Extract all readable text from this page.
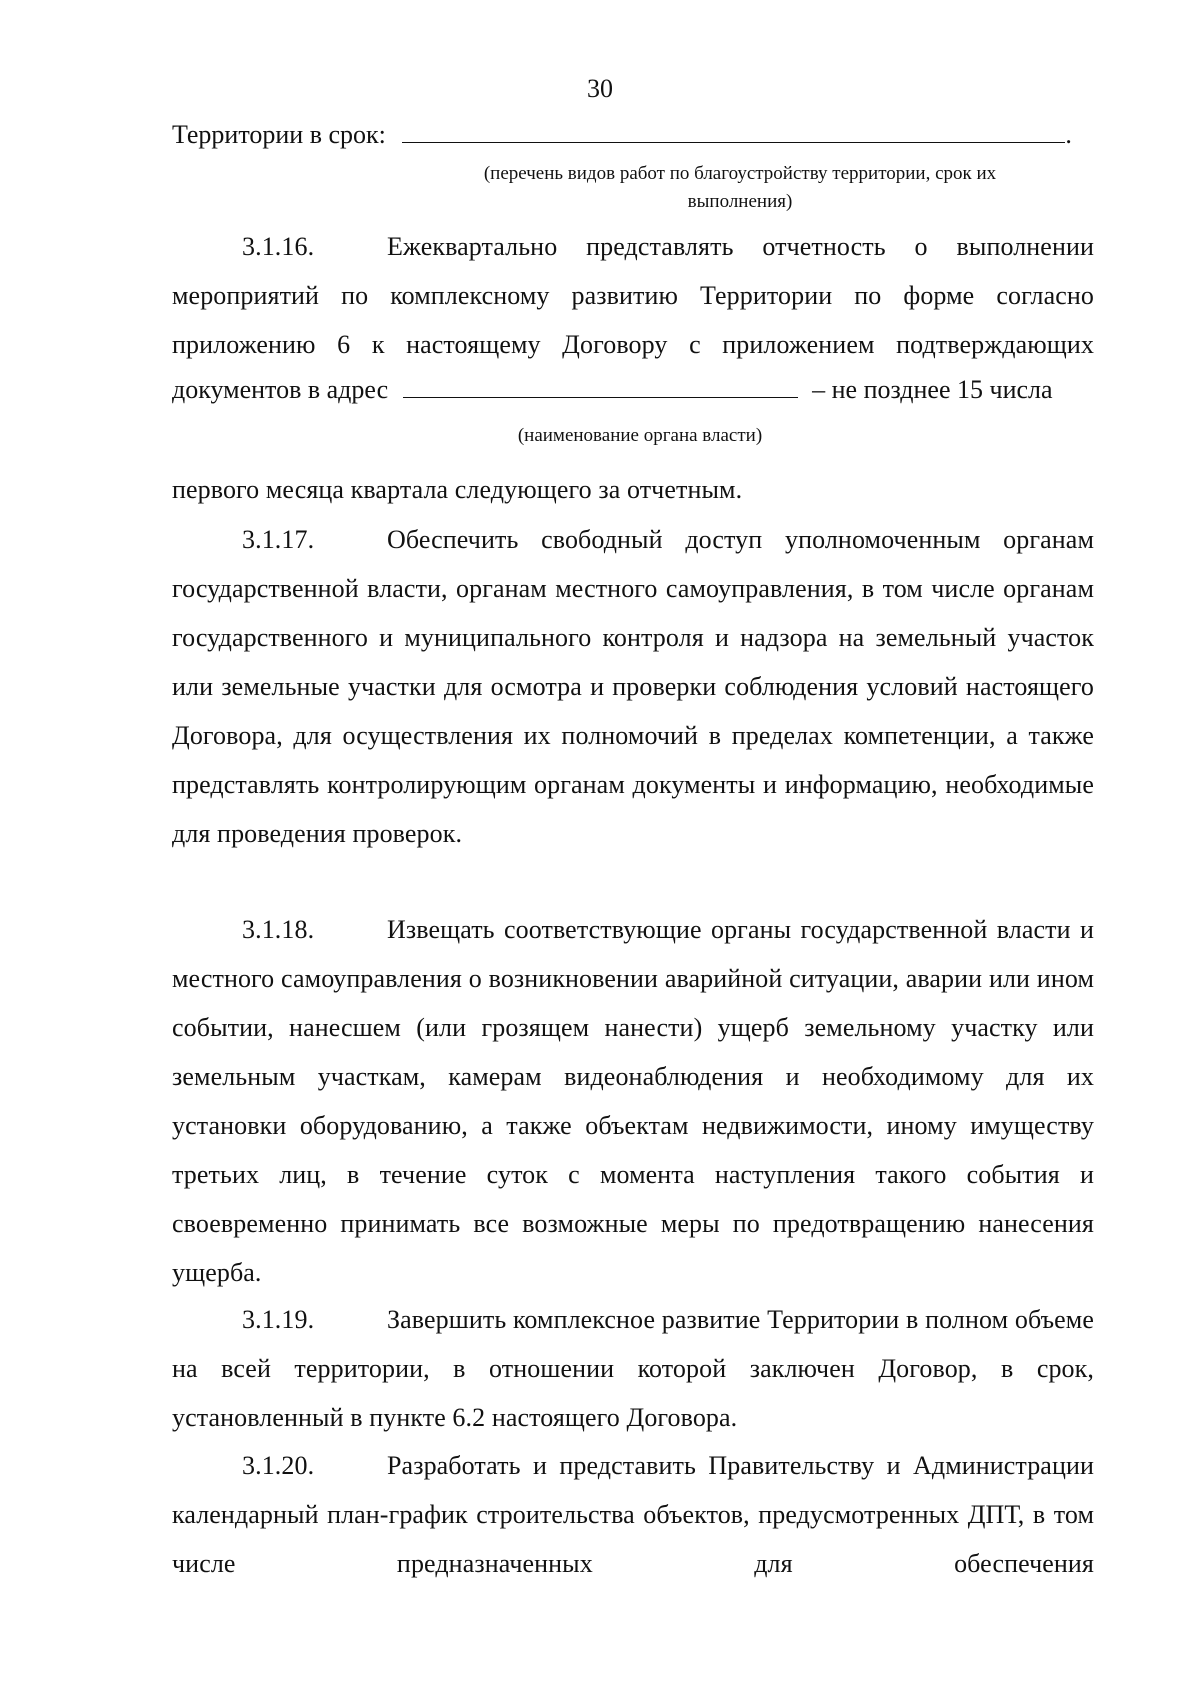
30
Территории в срок:	.
(перечень видов работ по благоустройству территории, срок их
выполнения)

3.1.16.	Ежеквартально представлять отчетность о выполнении мероприятий по комплексному развитию Территории по форме согласно приложению 6 к настоящему Договору с приложением подтверждающих

документов в адрес	– не позднее 15 числа
(наименование органа власти)

первого месяца квартала следующего за отчетным.

3.1.17.	Обеспечить свободный доступ уполномоченным органам государственной власти, органам местного самоуправления, в том числе органам государственного и муниципального контроля и надзора на земельный участок или земельные участки для осмотра и проверки соблюдения условий настоящего Договора, для осуществления их полномочий в пределах компетенции, а также представлять контролирующим органам документы и информацию, необходимые для проведения проверок.

3.1.18.	Извещать соответствующие органы государственной власти и местного самоуправления о возникновении аварийной ситуации, аварии или ином событии, нанесшем (или грозящем нанести) ущерб земельному участку или земельным участкам, камерам видеонаблюдения и необходимому для их установки оборудованию, а также объектам недвижимости, иному имуществу третьих лиц, в течение суток с момента наступления такого события и своевременно принимать все возможные меры по предотвращению нанесения ущерба.

3.1.19.	Завершить комплексное развитие Территории в полном объеме на всей территории, в отношении которой заключен Договор, в срок, установленный в пункте 6.2 настоящего Договора.

3.1.20.	Разработать и представить Правительству и Администрации календарный план-график строительства объектов, предусмотренных ДПТ, в том числе предназначенных для обеспечения
